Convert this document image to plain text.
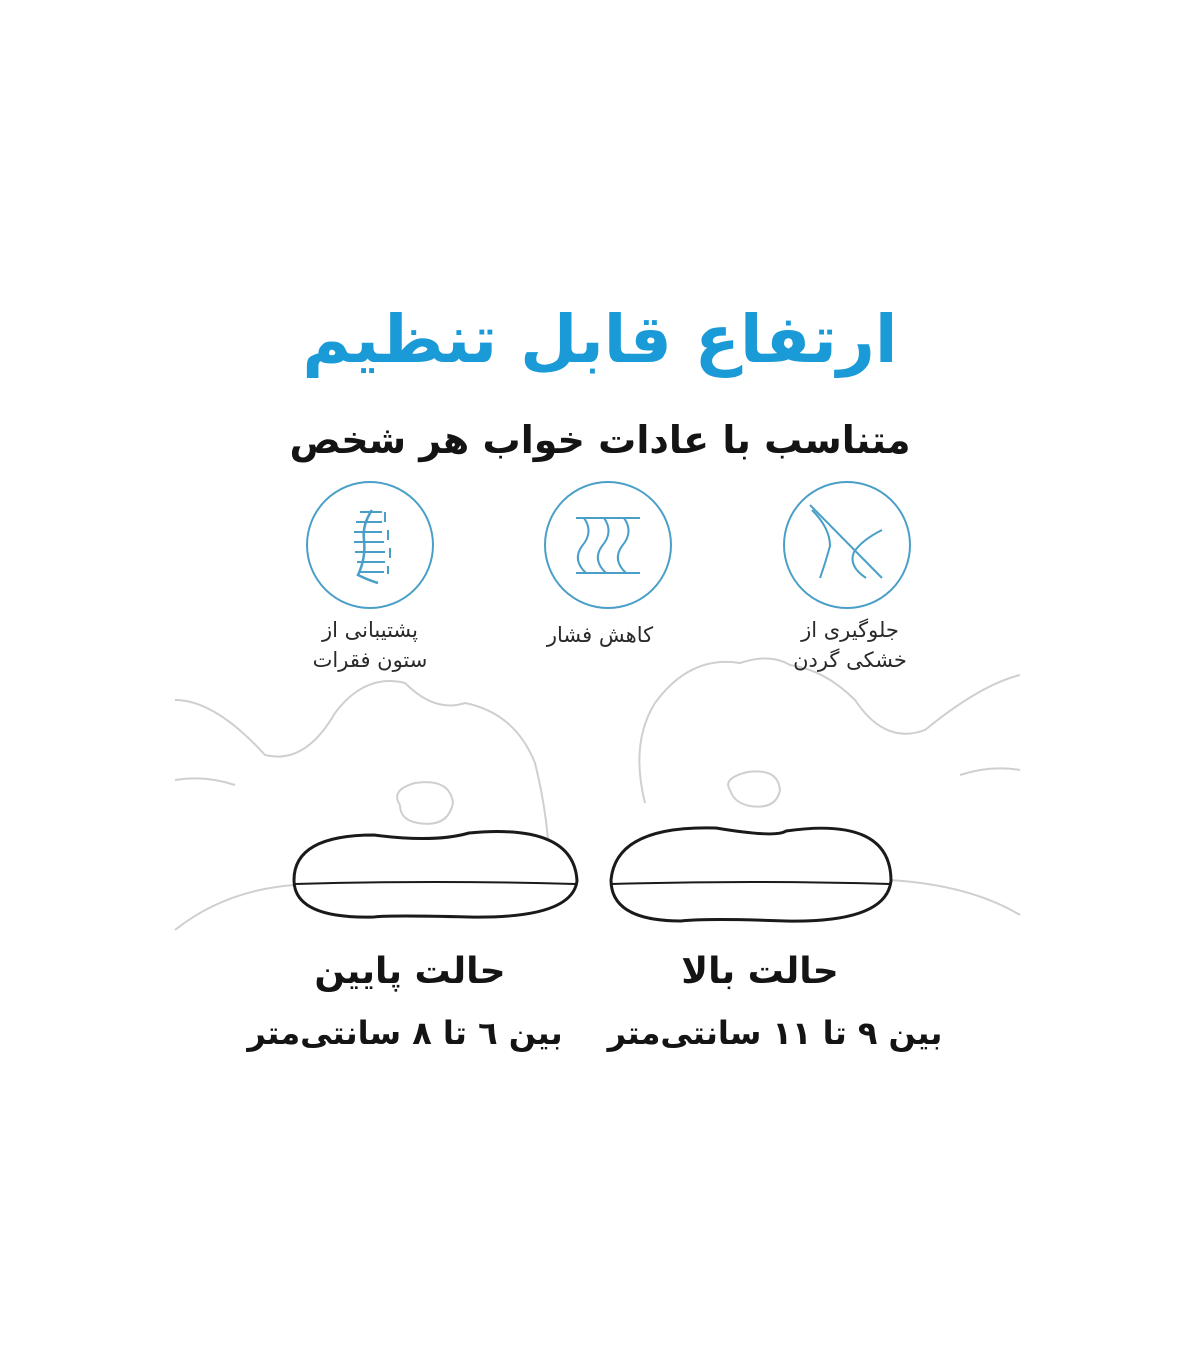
ارتفاع قابل تنظیم
متناسب با عادات خواب هر شخص
پشتیبانی از
ستون فقرات
کاهش فشار	جلوگیری از
خشکی گردن
حالت پایین	حالت بالا
بین ٦ تا ٨ سانتی‌متر	بین ٩ تا ١١ سانتی‌متر
